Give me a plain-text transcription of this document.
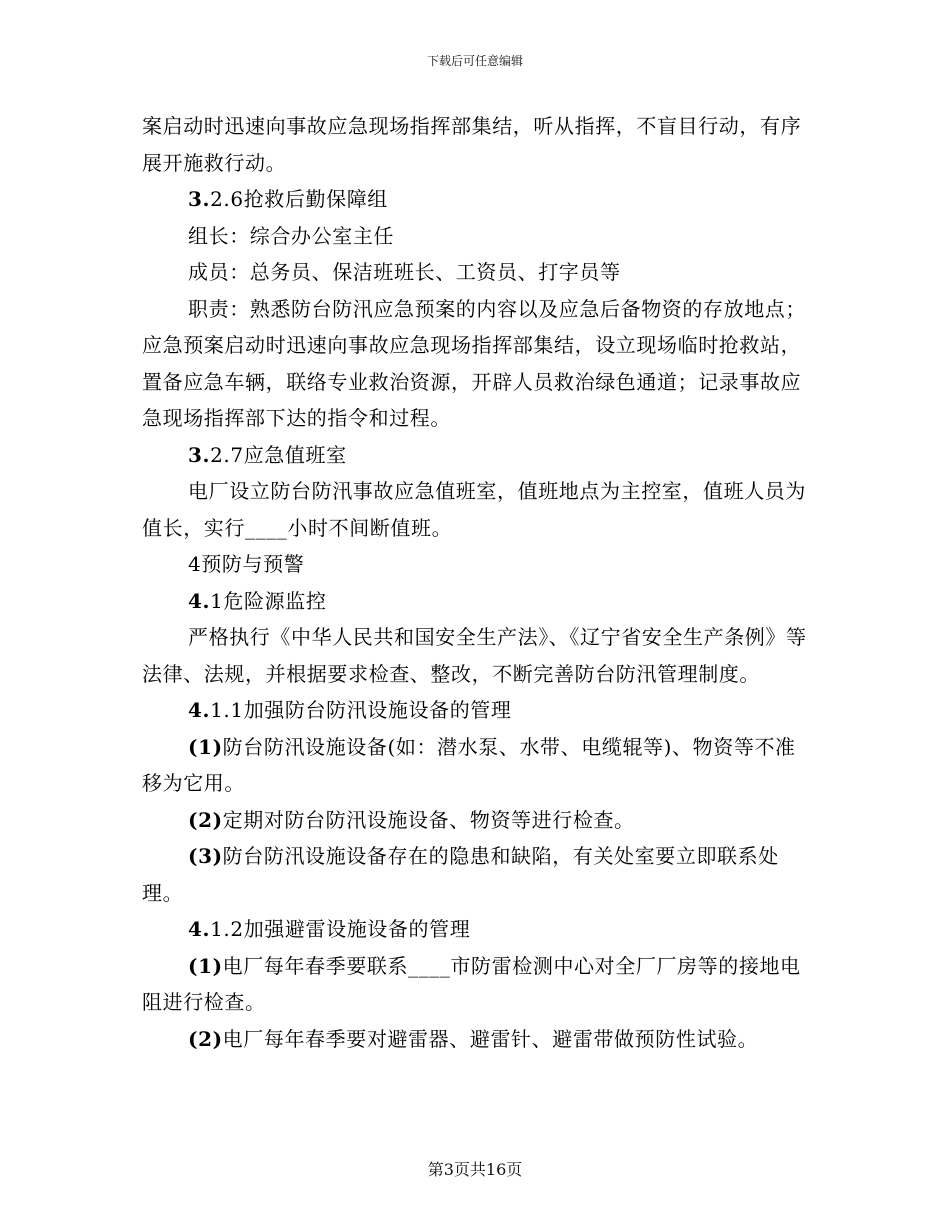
下载后可任意编辑

案启动时迅速向事故应急现场指挥部集结，听从指挥，不盲目行动，有序展开施救行动。

3.2.6抢救后勤保障组

组长：综合办公室主任

成员：总务员、保洁班班长、工资员、打字员等

职责：熟悉防台防汛应急预案的内容以及应急后备物资的存放地点；应急预案启动时迅速向事故应急现场指挥部集结，设立现场临时抢救站，置备应急车辆，联络专业救治资源，开辟人员救治绿色通道；记录事故应急现场指挥部下达的指令和过程。

3.2.7应急值班室

电厂设立防台防汛事故应急值班室，值班地点为主控室，值班人员为值长，实行____小时不间断值班。

4预防与预警

4.1危险源监控

严格执行《中华人民共和国安全生产法》、《辽宁省安全生产条例》等法律、法规，并根据要求检查、整改，不断完善防台防汛管理制度。

4.1.1加强防台防汛设施设备的管理

(1)防台防汛设施设备(如：潜水泵、水带、电缆辊等)、物资等不准移为它用。

(2)定期对防台防汛设施设备、物资等进行检查。

(3)防台防汛设施设备存在的隐患和缺陷，有关处室要立即联系处理。

4.1.2加强避雷设施设备的管理

(1)电厂每年春季要联系____市防雷检测中心对全厂厂房等的接地电阻进行检查。

(2)电厂每年春季要对避雷器、避雷针、避雷带做预防性试验。

第3页共16页
